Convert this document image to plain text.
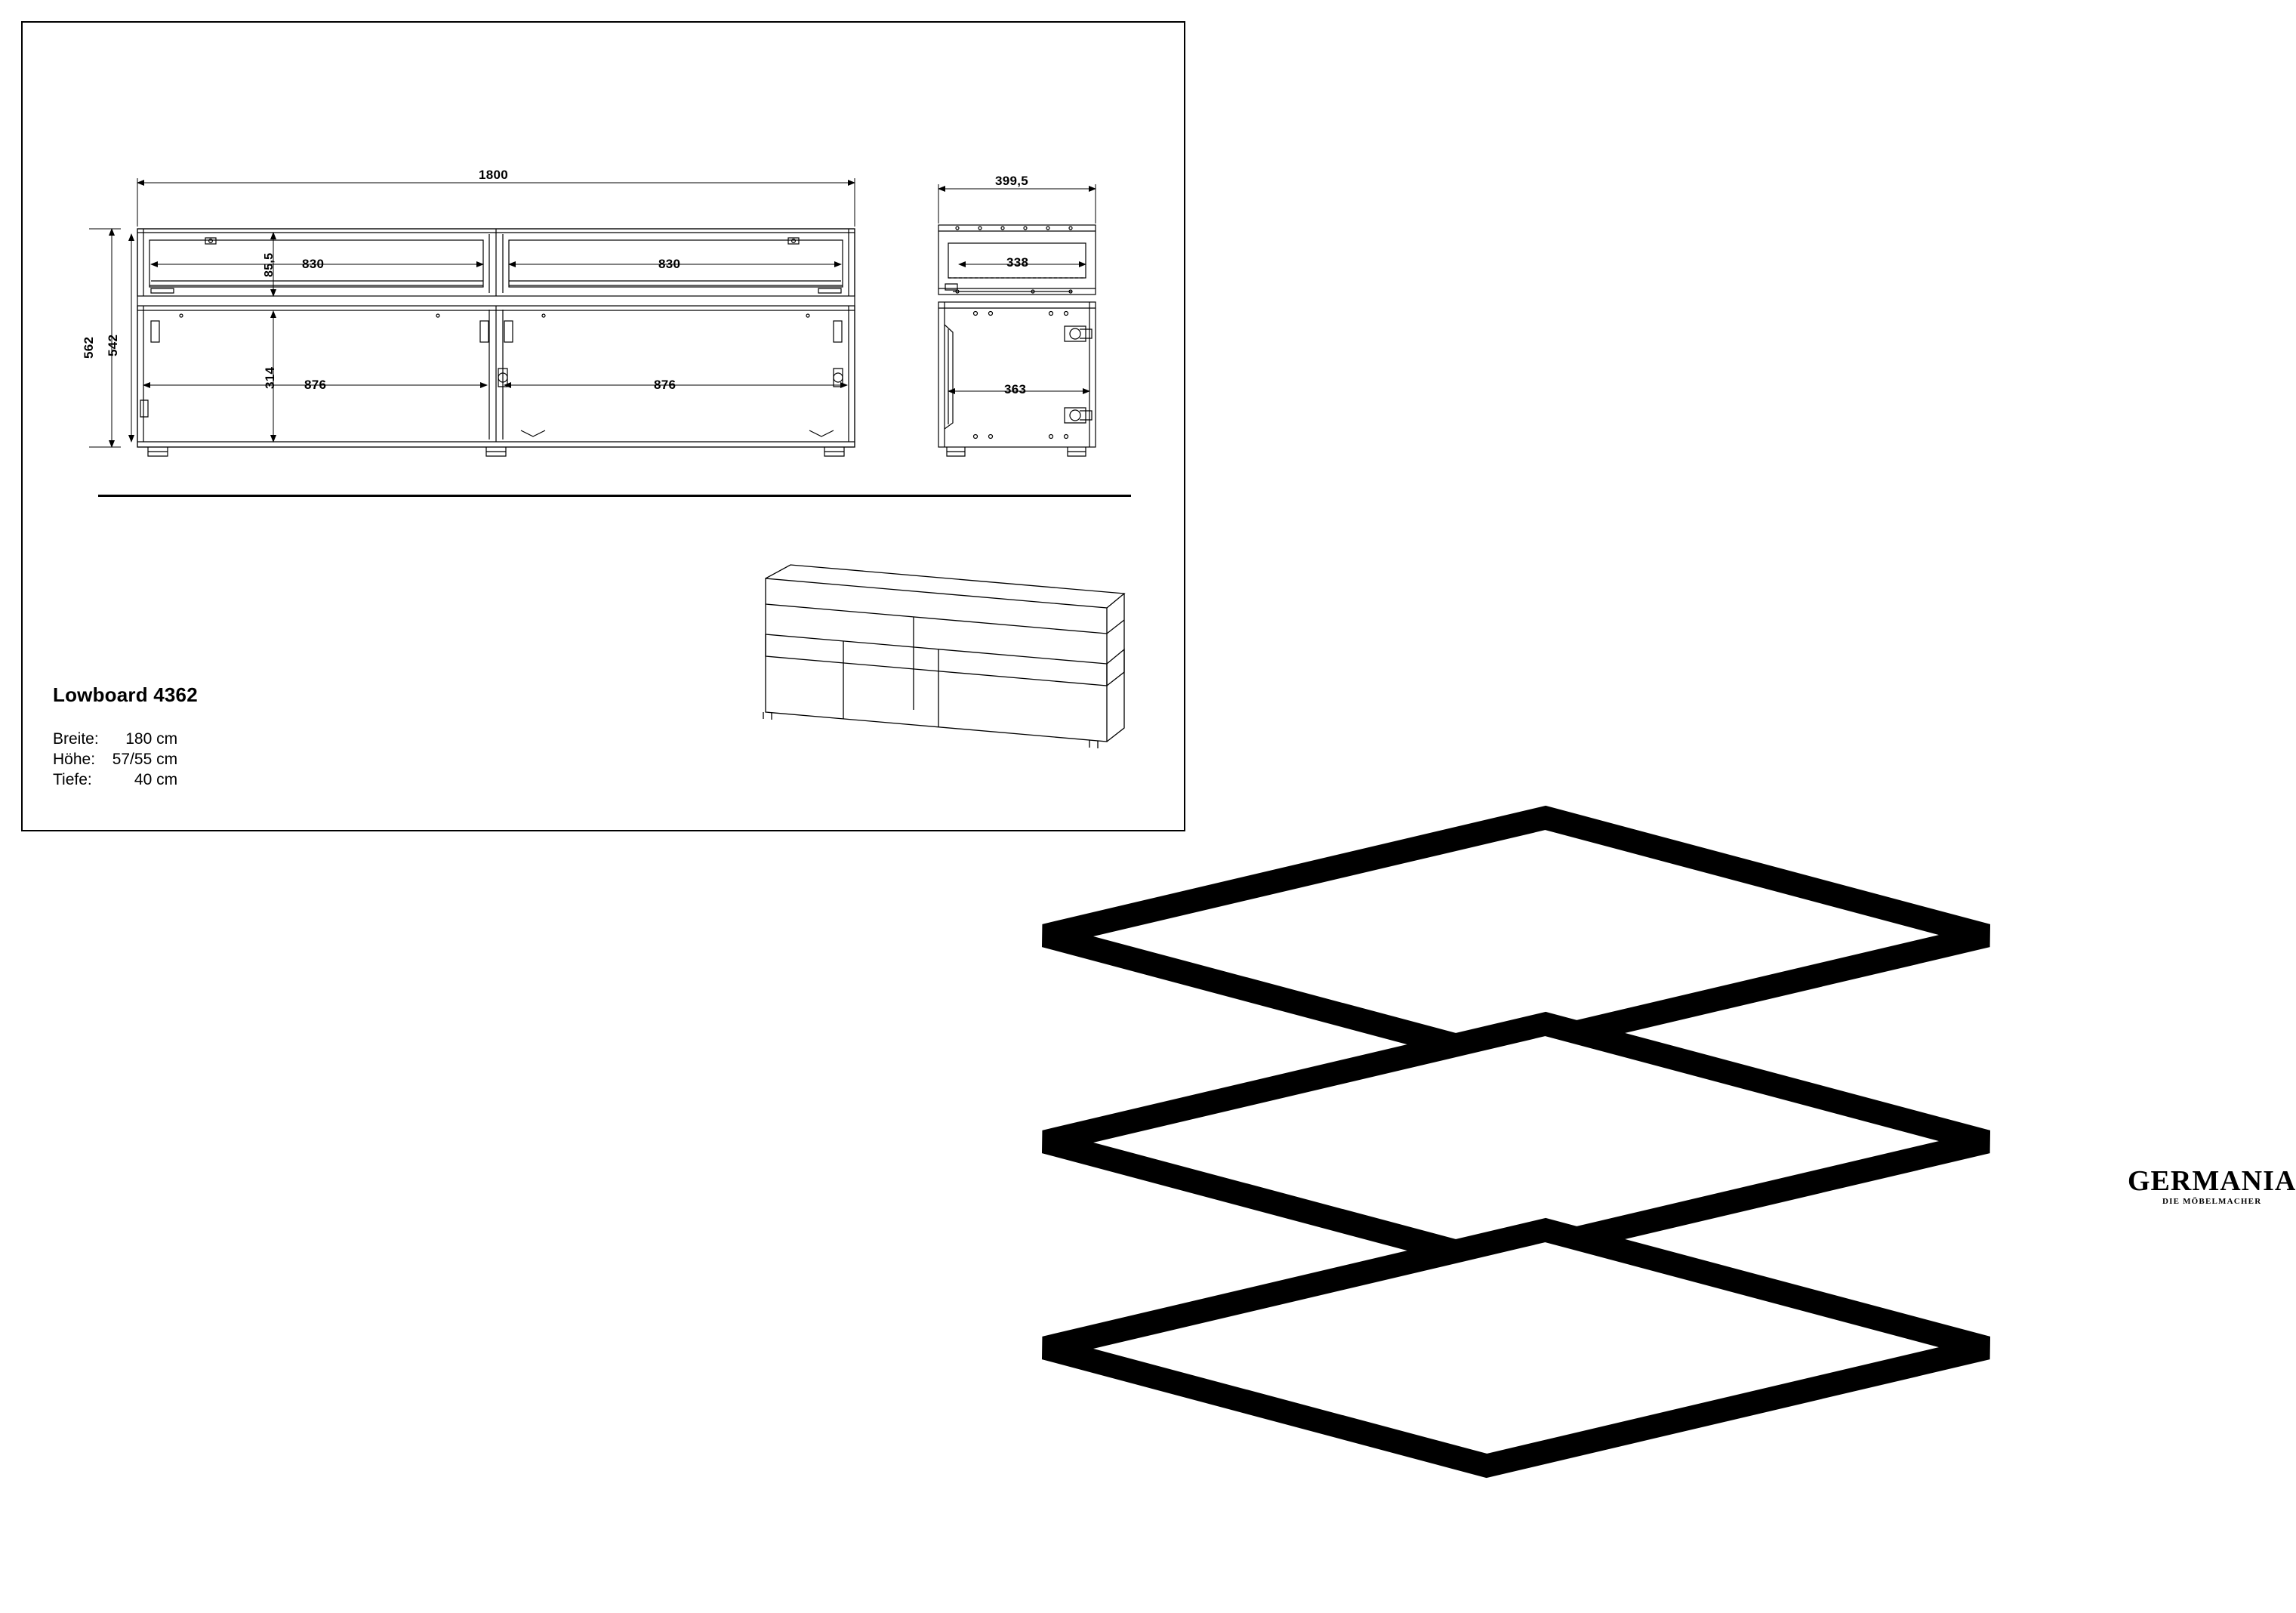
1800
562 542
85,5 830	830
314 876	876
399,5
338
363
Lowboard 4362
Breite:	180 cm
Höhe:	57/55 cm
Tiefe:	40 cm
GERMANIA
DIE MÖBELMACHER
